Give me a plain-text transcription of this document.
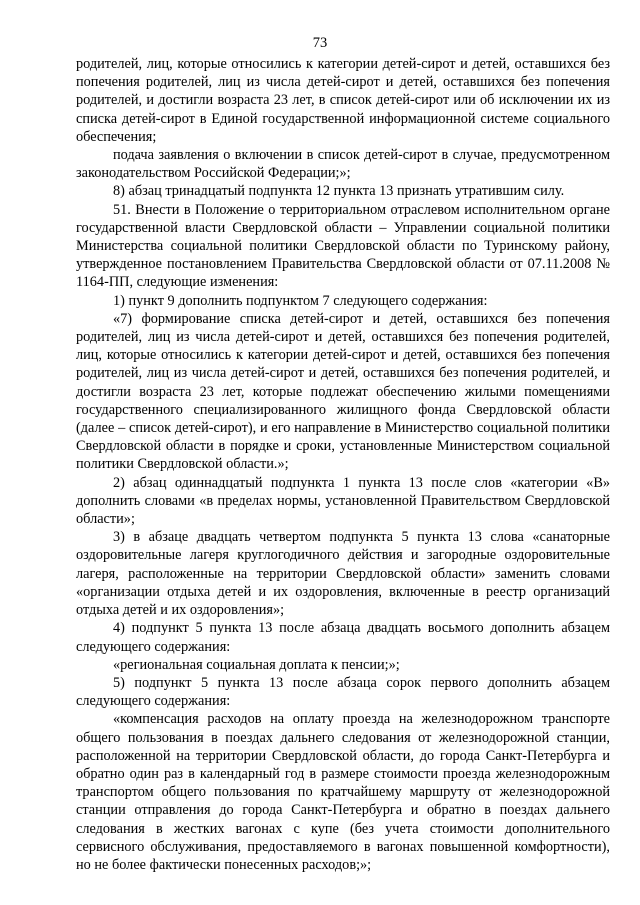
73

родителей, лиц, которые относились к категории детей-сирот и детей, оставшихся без попечения родителей, лиц из числа детей-сирот и детей, оставшихся без попечения родителей, и достигли возраста 23 лет, в список детей-сирот или об исключении их из списка детей-сирот в Единой государственной информационной системе социального обеспечения;

подача заявления о включении в список детей-сирот в случае, предусмотренном законодательством Российской Федерации;»;

8) абзац тринадцатый подпункта 12 пункта 13 признать утратившим силу.

51. Внести в Положение о территориальном отраслевом исполнительном органе государственной власти Свердловской области – Управлении социальной политики Министерства социальной политики Свердловской области по Туринскому району, утвержденное постановлением Правительства Свердловской области от 07.11.2008 № 1164-ПП, следующие изменения:

1) пункт 9 дополнить подпунктом 7 следующего содержания:

«7) формирование списка детей-сирот и детей, оставшихся без попечения родителей, лиц из числа детей-сирот и детей, оставшихся без попечения родителей, лиц, которые относились к категории детей-сирот и детей, оставшихся без попечения родителей, лиц из числа детей-сирот и детей, оставшихся без попечения родителей, и достигли возраста 23 лет, которые подлежат обеспечению жилыми помещениями государственного специализированного жилищного фонда Свердловской области (далее – список детей-сирот), и его направление в Министерство социальной политики Свердловской области в порядке и сроки, установленные Министерством социальной политики Свердловской области.»;

2) абзац одиннадцатый подпункта 1 пункта 13 после слов «категории «В» дополнить словами «в пределах нормы, установленной Правительством Свердловской области»;

3) в абзаце двадцать четвертом подпункта 5 пункта 13 слова «санаторные оздоровительные лагеря круглогодичного действия и загородные оздоровительные лагеря, расположенные на территории Свердловской области» заменить словами «организации отдыха детей и их оздоровления, включенные в реестр организаций отдыха детей и их оздоровления»;

4) подпункт 5 пункта 13 после абзаца двадцать восьмого дополнить абзацем следующего содержания:

«региональная социальная доплата к пенсии;»;

5) подпункт 5 пункта 13 после абзаца сорок первого дополнить абзацем следующего содержания:

«компенсация расходов на оплату проезда на железнодорожном транспорте общего пользования в поездах дальнего следования от железнодорожной станции, расположенной на территории Свердловской области, до города Санкт-Петербурга и обратно один раз в календарный год в размере стоимости проезда железнодорожным транспортом общего пользования по кратчайшему маршруту от железнодорожной станции отправления до города Санкт-Петербурга и обратно в поездах дальнего следования в жестких вагонах с купе (без учета стоимости дополнительного сервисного обслуживания, предоставляемого в вагонах повышенной комфортности), но не более фактически понесенных расходов;»;
